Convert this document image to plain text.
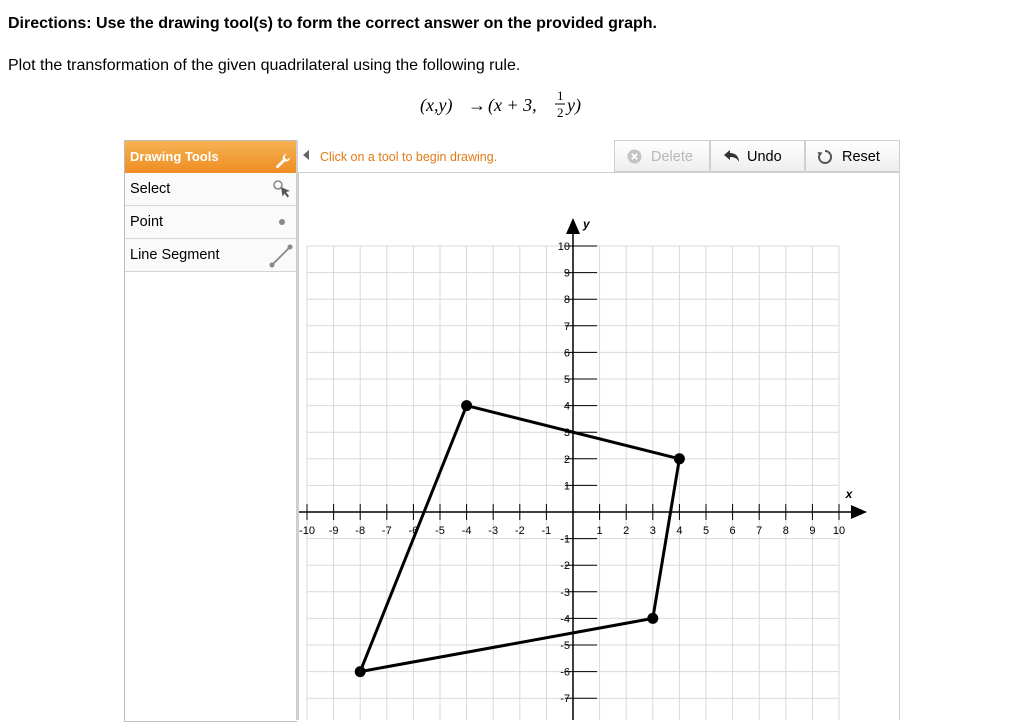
Directions: Use the drawing tool(s) to form the correct answer on the provided graph.
Plot the transformation of the given quadrilateral using the following rule.
(x,y) → (x + 3, 1
2 y)
Drawing Tools
Select
Point
Line Segment
Click on a tool to begin drawing.	Delete	Undo	Reset
x
y
-10 -9 -8 -7 -6 -5 -4 -3 -2 -1	1 2 3 4 5 6 7 8 9 10
10
9
8
7
6
5
4
3
2
1
-1
-2
-3
-4
-5
-6
-7
